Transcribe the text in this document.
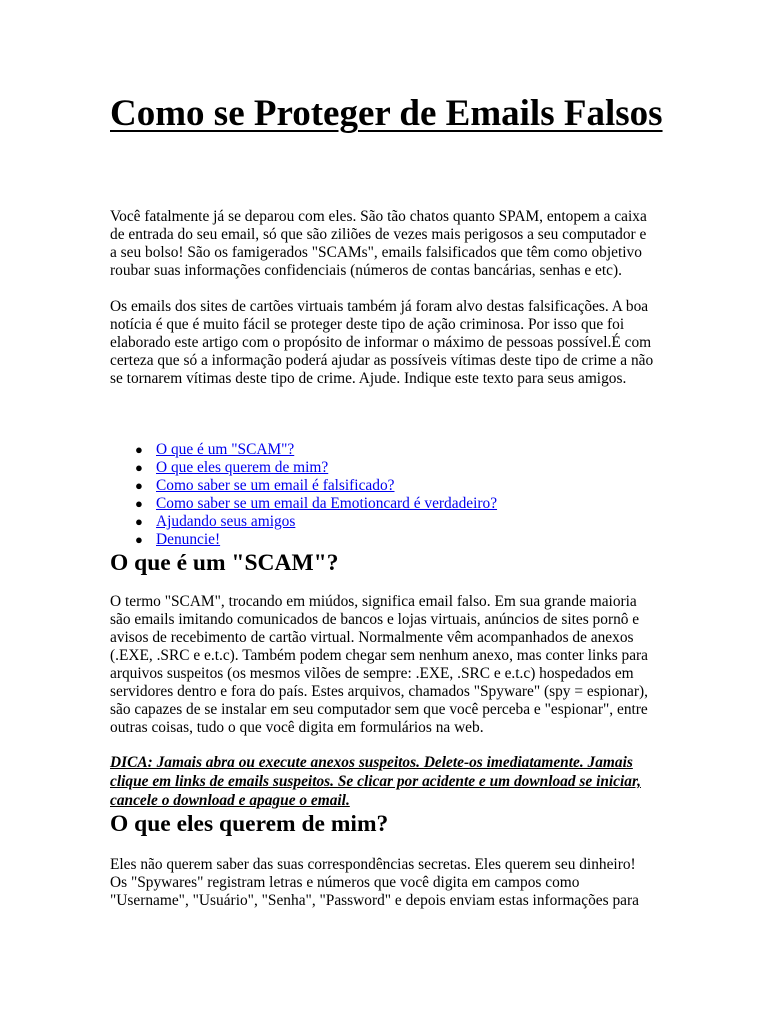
Como se Proteger de Emails Falsos
Você fatalmente já se deparou com eles. São tão chatos quanto SPAM, entopem a caixa
de entrada do seu email, só que são ziliões de vezes mais perigosos a seu computador e
a seu bolso! São os famigerados "SCAMs", emails falsificados que têm como objetivo
roubar suas informações confidenciais (números de contas bancárias, senhas e etc).
Os emails dos sites de cartões virtuais também já foram alvo destas falsificações. A boa
notícia é que é muito fácil se proteger deste tipo de ação criminosa. Por isso que foi
elaborado este artigo com o propósito de informar o máximo de pessoas possível.É com
certeza que só a informação poderá ajudar as possíveis vítimas deste tipo de crime a não
se tornarem vítimas deste tipo de crime. Ajude. Indique este texto para seus amigos.
● O que é um "SCAM"?
● O que eles querem de mim?
● Como saber se um email é falsificado?
● Como saber se um email da Emotioncard é verdadeiro?
● Ajudando seus amigos
● Denuncie!
O que é um "SCAM"?
O termo "SCAM", trocando em miúdos, significa email falso. Em sua grande maioria
são emails imitando comunicados de bancos e lojas virtuais, anúncios de sites pornô e
avisos de recebimento de cartão virtual. Normalmente vêm acompanhados de anexos
(.EXE, .SRC e e.t.c). Também podem chegar sem nenhum anexo, mas conter links para
arquivos suspeitos (os mesmos vilões de sempre: .EXE, .SRC e e.t.c) hospedados em
servidores dentro e fora do país. Estes arquivos, chamados "Spyware" (spy = espionar),
são capazes de se instalar em seu computador sem que você perceba e "espionar", entre
outras coisas, tudo o que você digita em formulários na web.
DICA: Jamais abra ou execute anexos suspeitos. Delete-os imediatamente. Jamais
clique em links de emails suspeitos. Se clicar por acidente e um download se iniciar,
cancele o download e apague o email.
O que eles querem de mim?
Eles não querem saber das suas correspondências secretas. Eles querem seu dinheiro!
Os "Spywares" registram letras e números que você digita em campos como
"Username", "Usuário", "Senha", "Password" e depois enviam estas informações para
